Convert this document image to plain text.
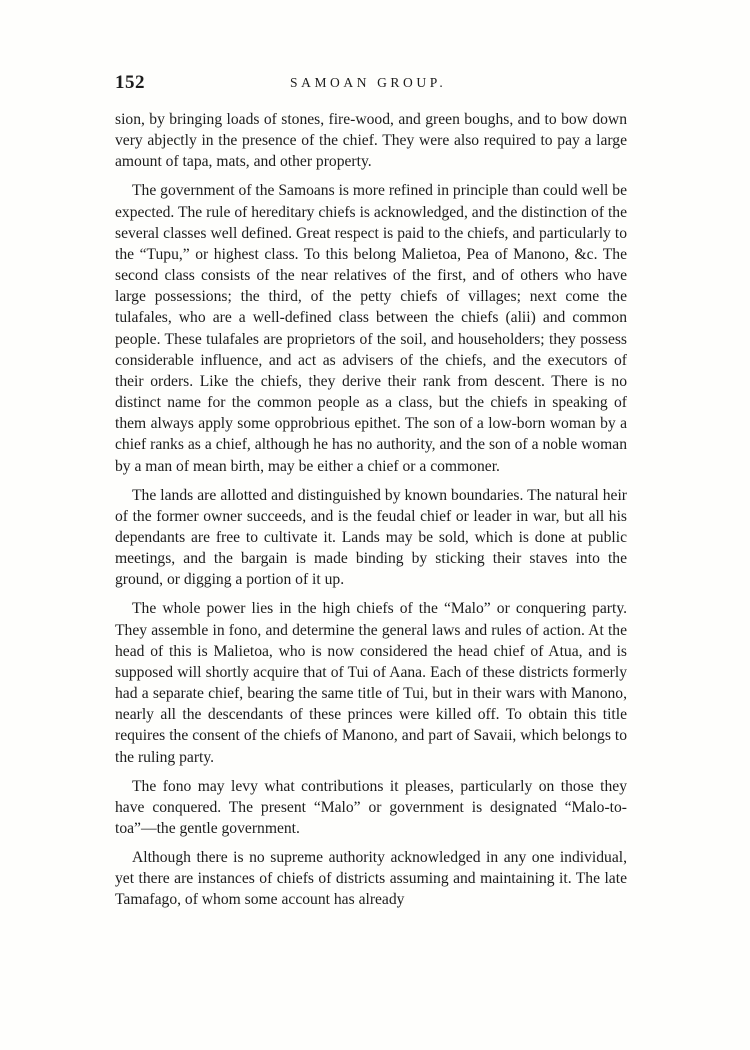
152	SAMOAN GROUP.

sion, by bringing loads of stones, fire-wood, and green boughs, and to bow down very abjectly in the presence of the chief. They were also required to pay a large amount of tapa, mats, and other property.

The government of the Samoans is more refined in principle than could well be expected. The rule of hereditary chiefs is acknowledged, and the distinction of the several classes well defined. Great respect is paid to the chiefs, and particularly to the “Tupu,” or highest class. To this belong Malietoa, Pea of Manono, &c. The second class consists of the near relatives of the first, and of others who have large possessions; the third, of the petty chiefs of villages; next come the tulafales, who are a well-defined class between the chiefs (alii) and common people. These tulafales are proprietors of the soil, and householders; they possess considerable influence, and act as advisers of the chiefs, and the executors of their orders. Like the chiefs, they derive their rank from descent. There is no distinct name for the common people as a class, but the chiefs in speaking of them always apply some opprobrious epithet. The son of a low-born woman by a chief ranks as a chief, although he has no authority, and the son of a noble woman by a man of mean birth, may be either a chief or a commoner.

The lands are allotted and distinguished by known boundaries. The natural heir of the former owner succeeds, and is the feudal chief or leader in war, but all his dependants are free to cultivate it. Lands may be sold, which is done at public meetings, and the bargain is made binding by sticking their staves into the ground, or digging a portion of it up.

The whole power lies in the high chiefs of the “Malo” or conquering party. They assemble in fono, and determine the general laws and rules of action. At the head of this is Malietoa, who is now considered the head chief of Atua, and is supposed will shortly acquire that of Tui of Aana. Each of these districts formerly had a separate chief, bearing the same title of Tui, but in their wars with Manono, nearly all the descendants of these princes were killed off. To obtain this title requires the consent of the chiefs of Manono, and part of Savaii, which belongs to the ruling party.

The fono may levy what contributions it pleases, particularly on those they have conquered. The present “Malo” or government is designated “Malo-to-toa”—the gentle government.

Although there is no supreme authority acknowledged in any one individual, yet there are instances of chiefs of districts assuming and maintaining it. The late Tamafago, of whom some account has already
